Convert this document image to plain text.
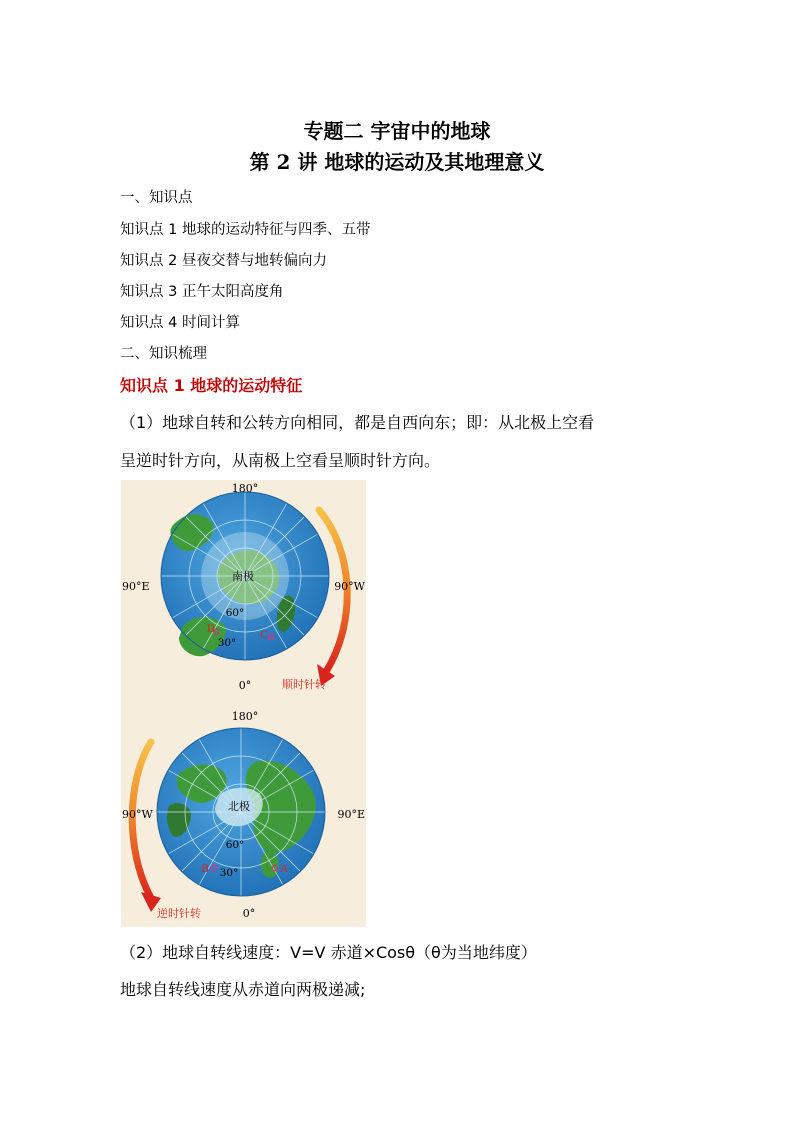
专题二 宇宙中的地球
第 2 讲 地球的运动及其地理意义
一、知识点
知识点 1 地球的运动特征与四季、五带
知识点 2 昼夜交替与地转偏向力
知识点 3 正午太阳高度角
知识点 4 时间计算
二、知识梳理
知识点 1 地球的运动特征
（1）地球自转和公转方向相同，都是自西向东；即：从北极上空看
呈逆时针方向，从南极上空看呈顺时针方向。
180°
90°E	90°W
0°
南极
60°
30°
D	C
顺时针转
180°
90°W	90°E
0°
北极
60°
30°
B	A
逆时针转
（2）地球自转线速度：V=V 赤道×Cosθ（θ为当地纬度）
地球自转线速度从赤道向两极递减;
